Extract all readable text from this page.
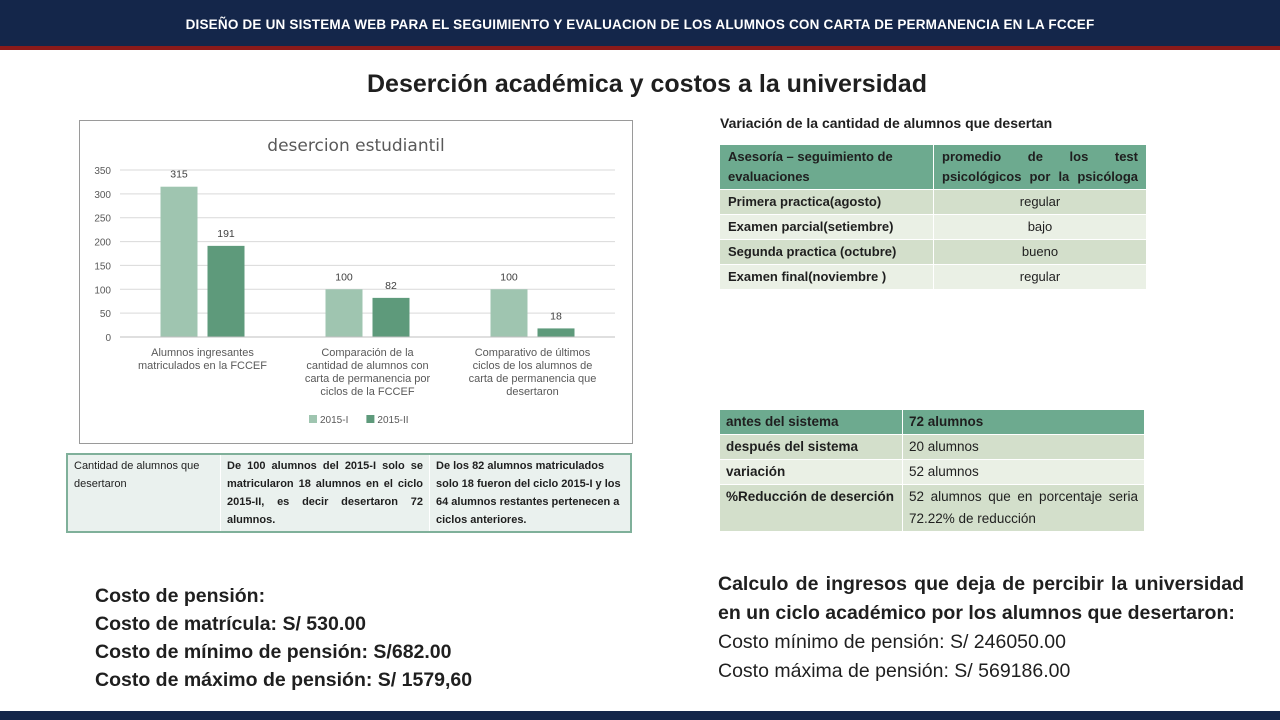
DISEÑO DE UN SISTEMA WEB PARA EL SEGUIMIENTO Y EVALUACION DE LOS ALUMNOS CON CARTA DE PERMANENCIA EN LA FCCEF
Deserción académica y costos a la universidad
desercion estudiantil
0
50
100
150
200
250
300
350	315
191
Alumnos ingresantes matriculados en la FCCEF
100
82
Comparación de la cantidad de alumnos con carta de permanencia por ciclos de la FCCEF
100
18
Comparativo de últimos ciclos de los alumnos de carta de permanencia que desertaron
2015-I	2015-II
Variación de la cantidad de alumnos que desertan
Asesoría – seguimiento de evaluaciones	promedio de los test psicológicos por la psicóloga
Primera practica(agosto)	regular
Examen parcial(setiembre)	bajo
Segunda practica (octubre)	bueno
Examen final(noviembre )	regular
antes del sistema	72 alumnos
después del sistema	20 alumnos
variación	52 alumnos
%Reducción de deserción	52 alumnos que en porcentaje seria 72.22% de reducción
Cantidad de alumnos que desertaron	De 100 alumnos del 2015-I solo se matricularon 18 alumnos en el ciclo 2015-II, es decir desertaron 72 alumnos.	De los 82 alumnos matriculados solo 18 fueron del ciclo 2015-I y los 64 alumnos restantes pertenecen a ciclos anteriores.
Costo de pensión:
Costo de matrícula: S/ 530.00
Costo de mínimo de pensión: S/682.00
Costo de máximo de pensión: S/ 1579,60
Calculo de ingresos que deja de percibir la universidad en un ciclo académico por los alumnos que desertaron:
Costo mínimo de pensión: S/ 246050.00
Costo máxima de pensión: S/ 569186.00
